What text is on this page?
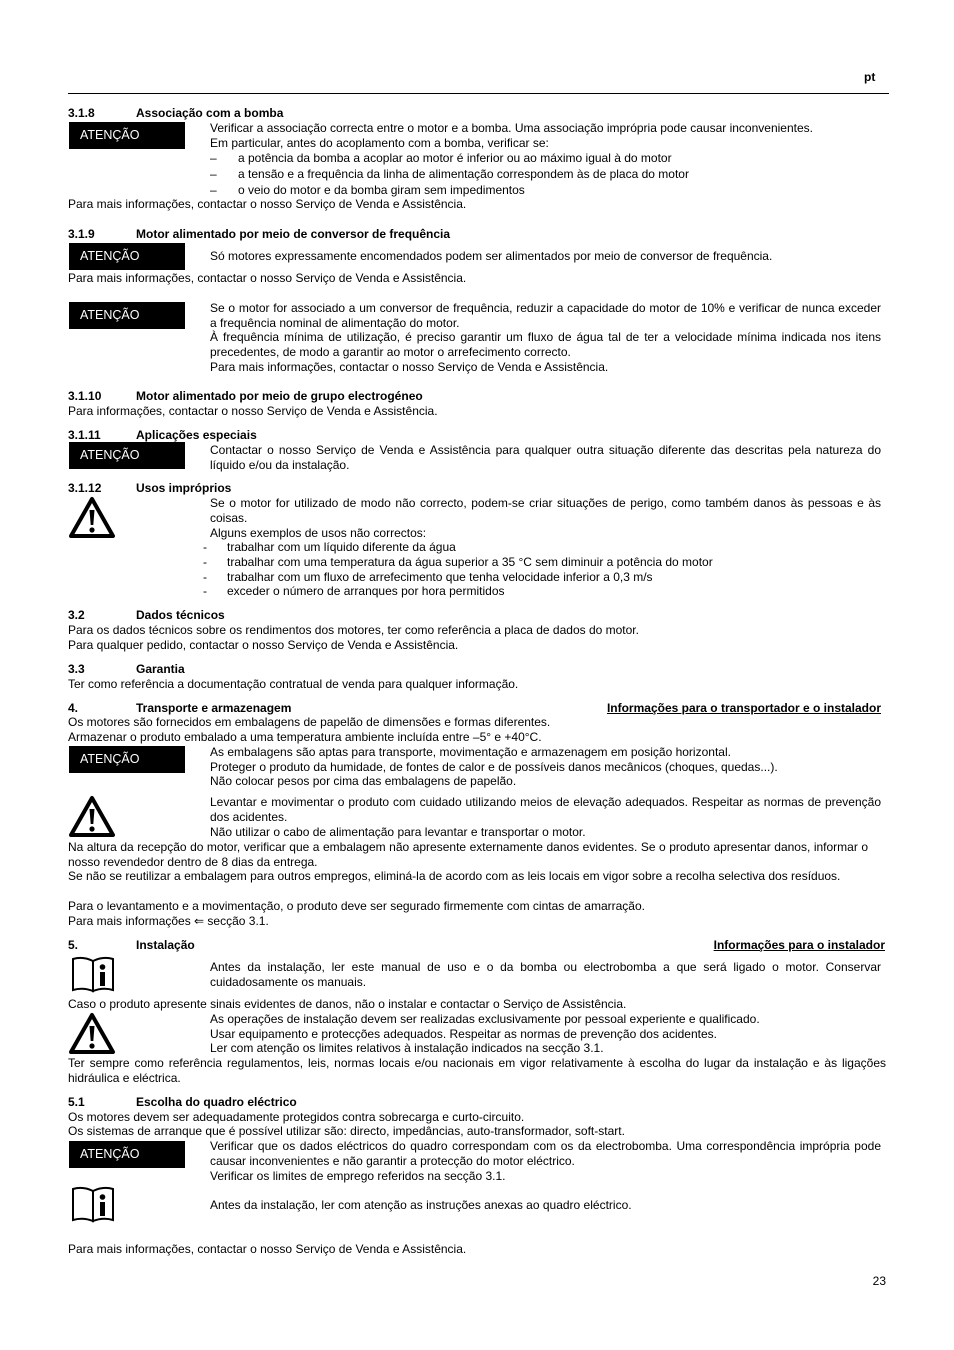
pt
3.1.8	Associação com a bomba
ATENÇÃO	Verificar a associação correcta entre o motor e a bomba. Uma associação imprópria pode causar inconvenientes.
Em particular, antes do acoplamento com a bomba, verificar se:
– a potência da bomba a acoplar ao motor é inferior ou ao máximo igual à do motor
– a tensão e a frequência da linha de alimentação correspondem às de placa do motor
– o veio do motor e da bomba giram sem impedimentos
Para mais informações, contactar o nosso Serviço de Venda e Assistência.
3.1.9	Motor alimentado por meio de conversor de frequência
ATENÇÃO	Só motores expressamente encomendados podem ser alimentados por meio de conversor de frequência.
Para mais informações, contactar o nosso Serviço de Venda e Assistência.
ATENÇÃO	Se o motor for associado a um conversor de frequência, reduzir a capacidade do motor de 10% e verificar de nunca exceder a frequência nominal de alimentação do motor.
À frequência mínima de utilização, é preciso garantir um fluxo de água tal de ter a velocidade mínima indicada nos itens precedentes, de modo a garantir ao motor o arrefecimento correcto.
Para mais informações, contactar o nosso Serviço de Venda e Assistência.
3.1.10	Motor alimentado por meio de grupo electrogéneo
Para informações, contactar o nosso Serviço de Venda e Assistência.
3.1.11	Aplicações especiais
ATENÇÃO	Contactar o nosso Serviço de Venda e Assistência para qualquer outra situação diferente das descritas pela natureza do líquido e/ou da instalação.
3.1.12	Usos impróprios
Se o motor for utilizado de modo não correcto, podem-se criar situações de perigo, como também danos às pessoas e às coisas.
Alguns exemplos de usos não correctos:
- trabalhar com um líquido diferente da água
- trabalhar com uma temperatura da água superior a 35 °C sem diminuir a potência do motor
- trabalhar com um fluxo de arrefecimento que tenha velocidade inferior a 0,3 m/s
- exceder o número de arranques por hora permitidos
3.2	Dados técnicos
Para os dados técnicos sobre os rendimentos dos motores, ter como referência a placa de dados do motor.
Para qualquer pedido, contactar o nosso Serviço de Venda e Assistência.
3.3	Garantia
Ter como referência a documentação contratual de venda para qualquer informação.
4.	Transporte e armazenagem	Informações para o transportador e o instalador
Os motores são fornecidos em embalagens de papelão de dimensões e formas diferentes.
Armazenar o produto embalado a uma temperatura ambiente incluída entre –5° e +40°C.
ATENÇÃO	As embalagens são aptas para transporte, movimentação e armazenagem em posição horizontal.
Proteger o produto da humidade, de fontes de calor e de possíveis danos mecânicos (choques, quedas...).
Não colocar pesos por cima das embalagens de papelão.
Levantar e movimentar o produto com cuidado utilizando meios de elevação adequados. Respeitar as normas de prevenção dos acidentes.
Não utilizar o cabo de alimentação para levantar e transportar o motor.
Na altura da recepção do motor, verificar que a embalagem não apresente externamente danos evidentes. Se o produto apresentar danos, informar o nosso revendedor dentro de 8 dias da entrega.
Se não se reutilizar a embalagem para outros empregos, eliminá-la de acordo com as leis locais em vigor sobre a recolha selectiva dos resíduos.
Para o levantamento e a movimentação, o produto deve ser segurado firmemente com cintas de amarração.
Para mais informações ⇐ secção 3.1.
5.	Instalação	Informações para o instalador
Antes da instalação, ler este manual de uso e o da bomba ou electrobomba a que será ligado o motor. Conservar cuidadosamente os manuais.
Caso o produto apresente sinais evidentes de danos, não o instalar e contactar o Serviço de Assistência.
As operações de instalação devem ser realizadas exclusivamente por pessoal experiente e qualificado.
Usar equipamento e protecções adequados. Respeitar as normas de prevenção dos acidentes.
Ler com atenção os limites relativos à instalação indicados na secção 3.1.
Ter sempre como referência regulamentos, leis, normas locais e/ou nacionais em vigor relativamente à escolha do lugar da instalação e às ligações hidráulica e eléctrica.
5.1	Escolha do quadro eléctrico
Os motores devem ser adequadamente protegidos contra sobrecarga e curto-circuito.
Os sistemas de arranque que é possível utilizar são: directo, impedâncias, auto-transformador, soft-start.
ATENÇÃO
Verificar que os dados eléctricos do quadro correspondam com os da electrobomba. Uma correspondência imprópria pode causar inconvenientes e não garantir a protecção do motor eléctrico.
Verificar os limites de emprego referidos na secção 3.1.
Antes da instalação, ler com atenção as instruções anexas ao quadro eléctrico.
Para mais informações, contactar o nosso Serviço de Venda e Assistência.
23
